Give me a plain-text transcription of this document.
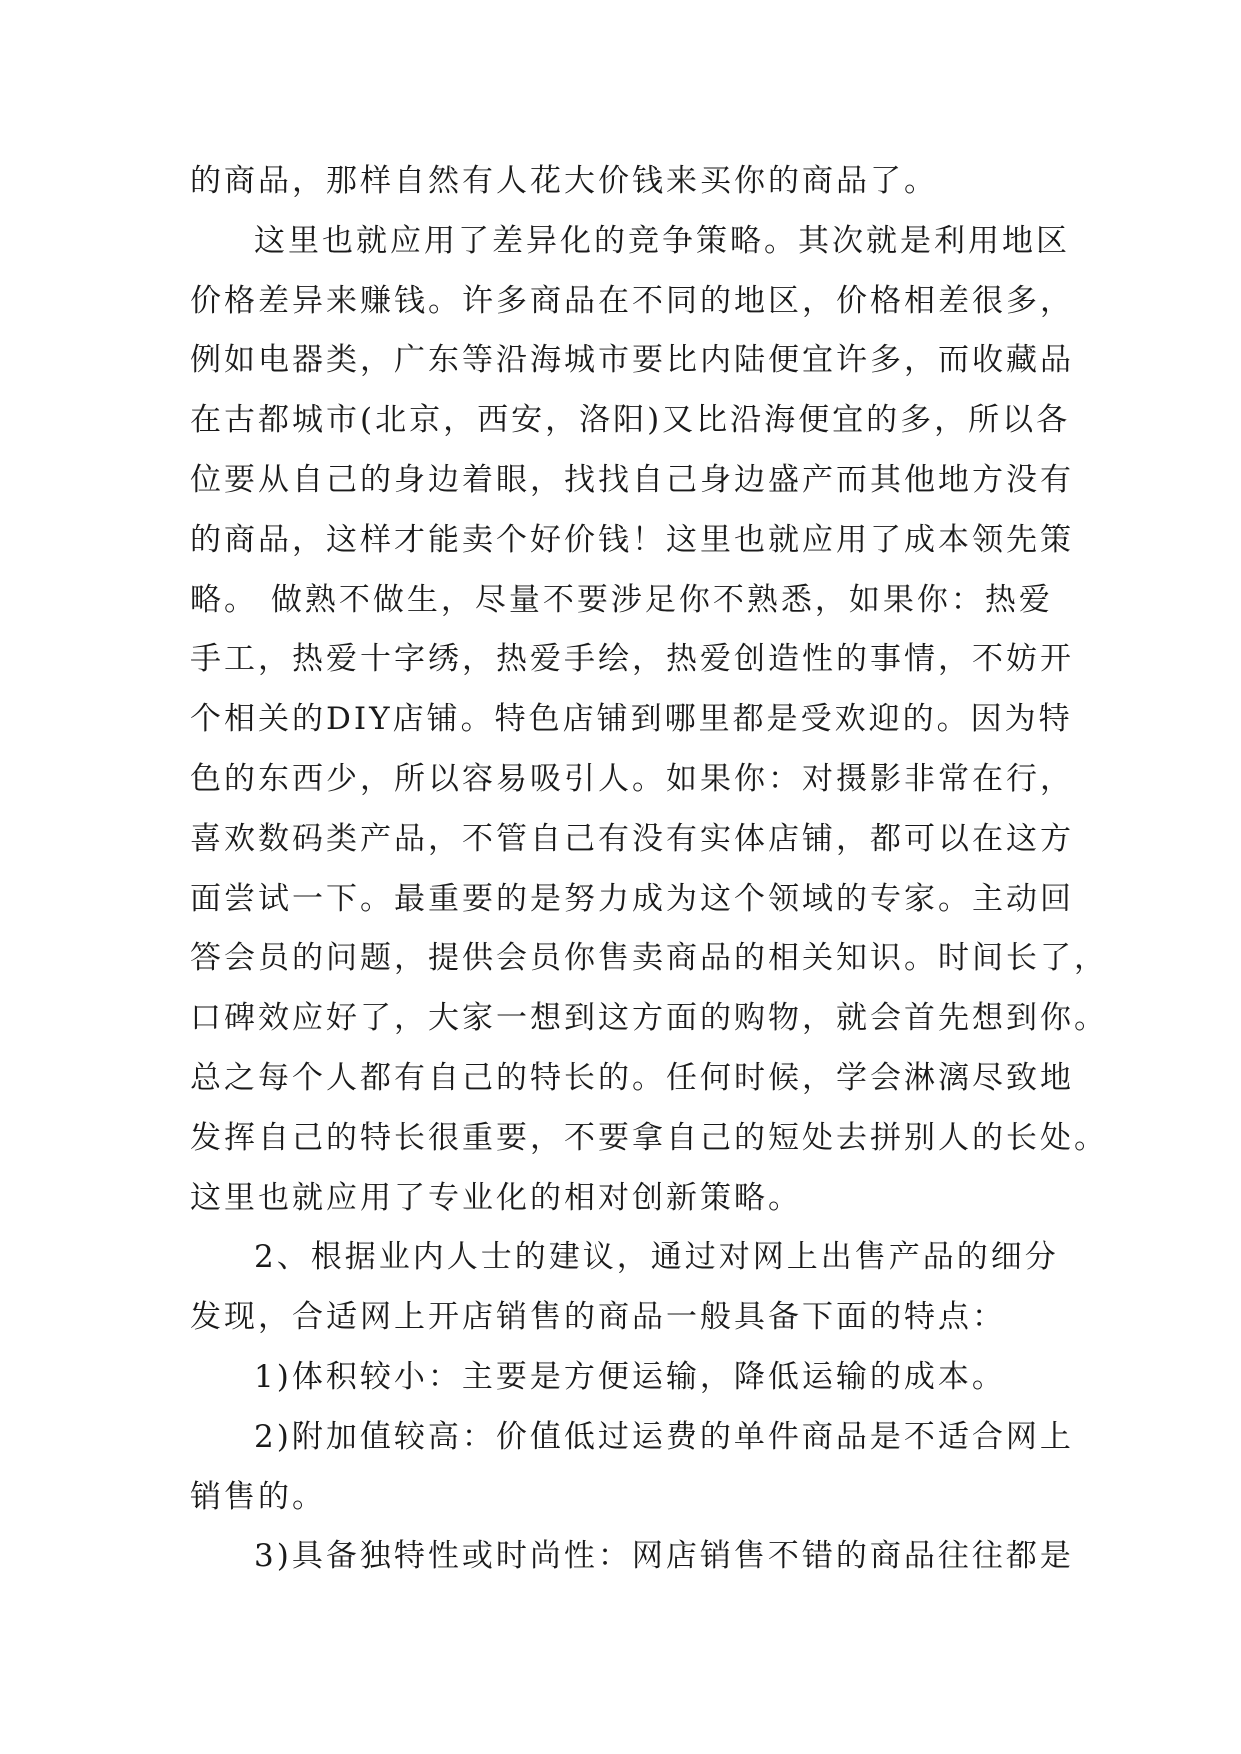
的商品，那样自然有人花大价钱来买你的商品了。
这里也就应用了差异化的竞争策略。其次就是利用地区
价格差异来赚钱。许多商品在不同的地区，价格相差很多，
例如电器类，广东等沿海城市要比内陆便宜许多，而收藏品
在古都城市(北京，西安，洛阳)又比沿海便宜的多，所以各
位要从自己的身边着眼，找找自己身边盛产而其他地方没有
的商品，这样才能卖个好价钱！这里也就应用了成本领先策
略。 做熟不做生，尽量不要涉足你不熟悉，如果你：热爱
手工，热爱十字绣，热爱手绘，热爱创造性的事情，不妨开
个相关的DIY店铺。特色店铺到哪里都是受欢迎的。因为特
色的东西少，所以容易吸引人。如果你：对摄影非常在行，
喜欢数码类产品，不管自己有没有实体店铺，都可以在这方
面尝试一下。最重要的是努力成为这个领域的专家。主动回
答会员的问题，提供会员你售卖商品的相关知识。时间长了，
口碑效应好了，大家一想到这方面的购物，就会首先想到你。
总之每个人都有自己的特长的。任何时候，学会淋漓尽致地
发挥自己的特长很重要，不要拿自己的短处去拼别人的长处。
这里也就应用了专业化的相对创新策略。
2、根据业内人士的建议，通过对网上出售产品的细分
发现，合适网上开店销售的商品一般具备下面的特点：
1)体积较小：主要是方便运输，降低运输的成本。
2)附加值较高：价值低过运费的单件商品是不适合网上
销售的。
3)具备独特性或时尚性：网店销售不错的商品往往都是
